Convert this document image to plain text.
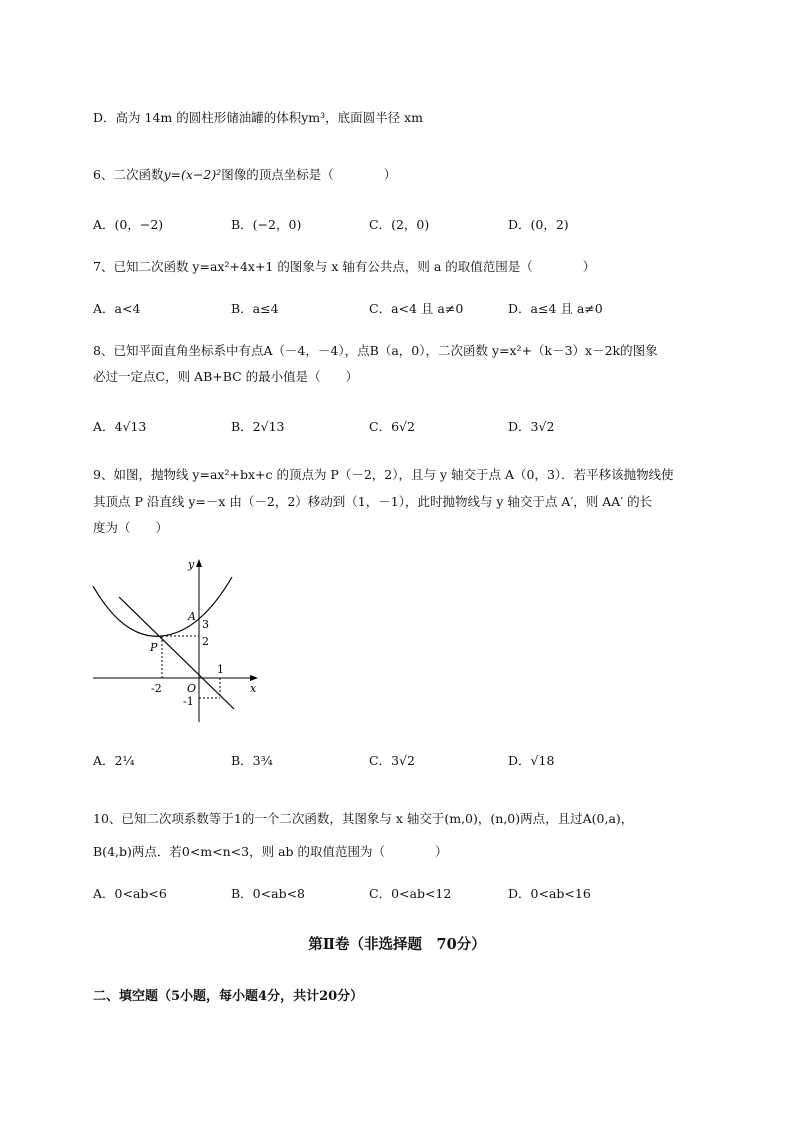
D．高为 14m 的圆柱形储油罐的体积ym³，底面圆半径 xm
6、二次函数y=(x−2)²图像的顶点坐标是（　　　　）
A．(0，−2)	B．(−2，0)	C．(2，0)	D．(0，2)
7、已知二次函数 y=ax²+4x+1 的图象与 x 轴有公共点，则 a 的取值范围是（　　　　）
A．a<4	B．a≤4	C．a<4 且 a≠0	D．a≤4 且 a≠0
8、已知平面直角坐标系中有点A（－4，－4），点B（a，0），二次函数 y=x²+（k－3）x－2k的图象
必过一定点C，则 AB+BC 的最小值是（　　）
A．4√13	B．2√13	C．6√2	D．3√2
9、如图，抛物线 y=ax²+bx+c 的顶点为 P（－2，2），且与 y 轴交于点 A（0，3）．若平移该抛物线使
其顶点 P 沿直线 y=－x 由（－2，2）移动到（1，－1），此时抛物线与 y 轴交于点 A′，则 AA′ 的长
度为（　　）
y
x
A
3
2
P
1
O
-2
-1
A．2¼	B．3¾	C．3√2	D．√18
10、已知二次项系数等于1的一个二次函数，其图象与 x 轴交于(m,0)，(n,0)两点，且过A(0,a)，
B(4,b)两点．若0<m<n<3，则 ab 的取值范围为（　　　　）
A．0<ab<6	B．0<ab<8	C．0<ab<12	D．0<ab<16
第Ⅱ卷（非选择题　70分）
二、填空题（5小题，每小题4分，共计20分）
